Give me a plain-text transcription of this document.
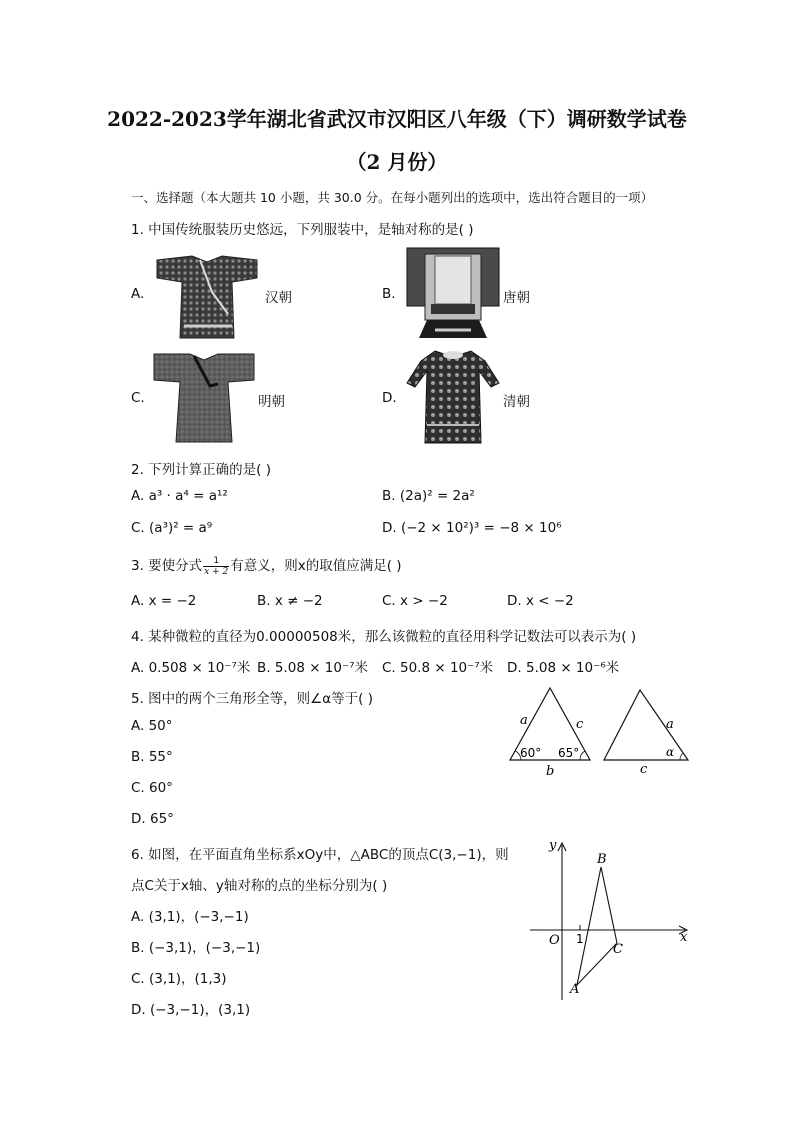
2022-2023学年湖北省武汉市汉阳区八年级（下）调研数学试卷
（2 月份）
一、选择题（本大题共 10 小题，共 30.0 分。在每小题列出的选项中，选出符合题目的一项）
1. 中国传统服装历史悠远，下列服装中，是轴对称的是( )
A.	汉朝	B.	唐朝
C.	明朝	D.	清朝
2. 下列计算正确的是( )
A. a³ · a⁴ = a¹²	B. (2a)² = 2a²
C. (a³)² = a⁹	D. (−2 × 10²)³ = −8 × 10⁶
3. 要使分式 $\frac{1}{x + 2}$ 有意义，则x的取值应满足( )
A. x = −2	B. x ≠ −2	C. x > −2	D. x < −2
4. 某种微粒的直径为0.00000508米，那么该微粒的直径用科学记数法可以表示为( )
A. 0.508 × 10⁻⁷米 B. 5.08 × 10⁻⁷米 C. 50.8 × 10⁻⁷米 D. 5.08 × 10⁻⁶米
5. 图中的两个三角形全等，则∠α等于( )
A. 50°
B. 55°
C. 60°
D. 65°
a	c
b
60° 65°
a
c
α
6. 如图，在平面直角坐标系xOy中，△ABC的顶点C(3,−1)，则
点C关于x轴、y轴对称的点的坐标分别为( )
A. (3,1)，(−3,−1)
B. (−3,1)，(−3,−1)
C. (3,1)，(1,3)
D. (−3,−1)，(3,1)
y
x
O 1
A
B
C
